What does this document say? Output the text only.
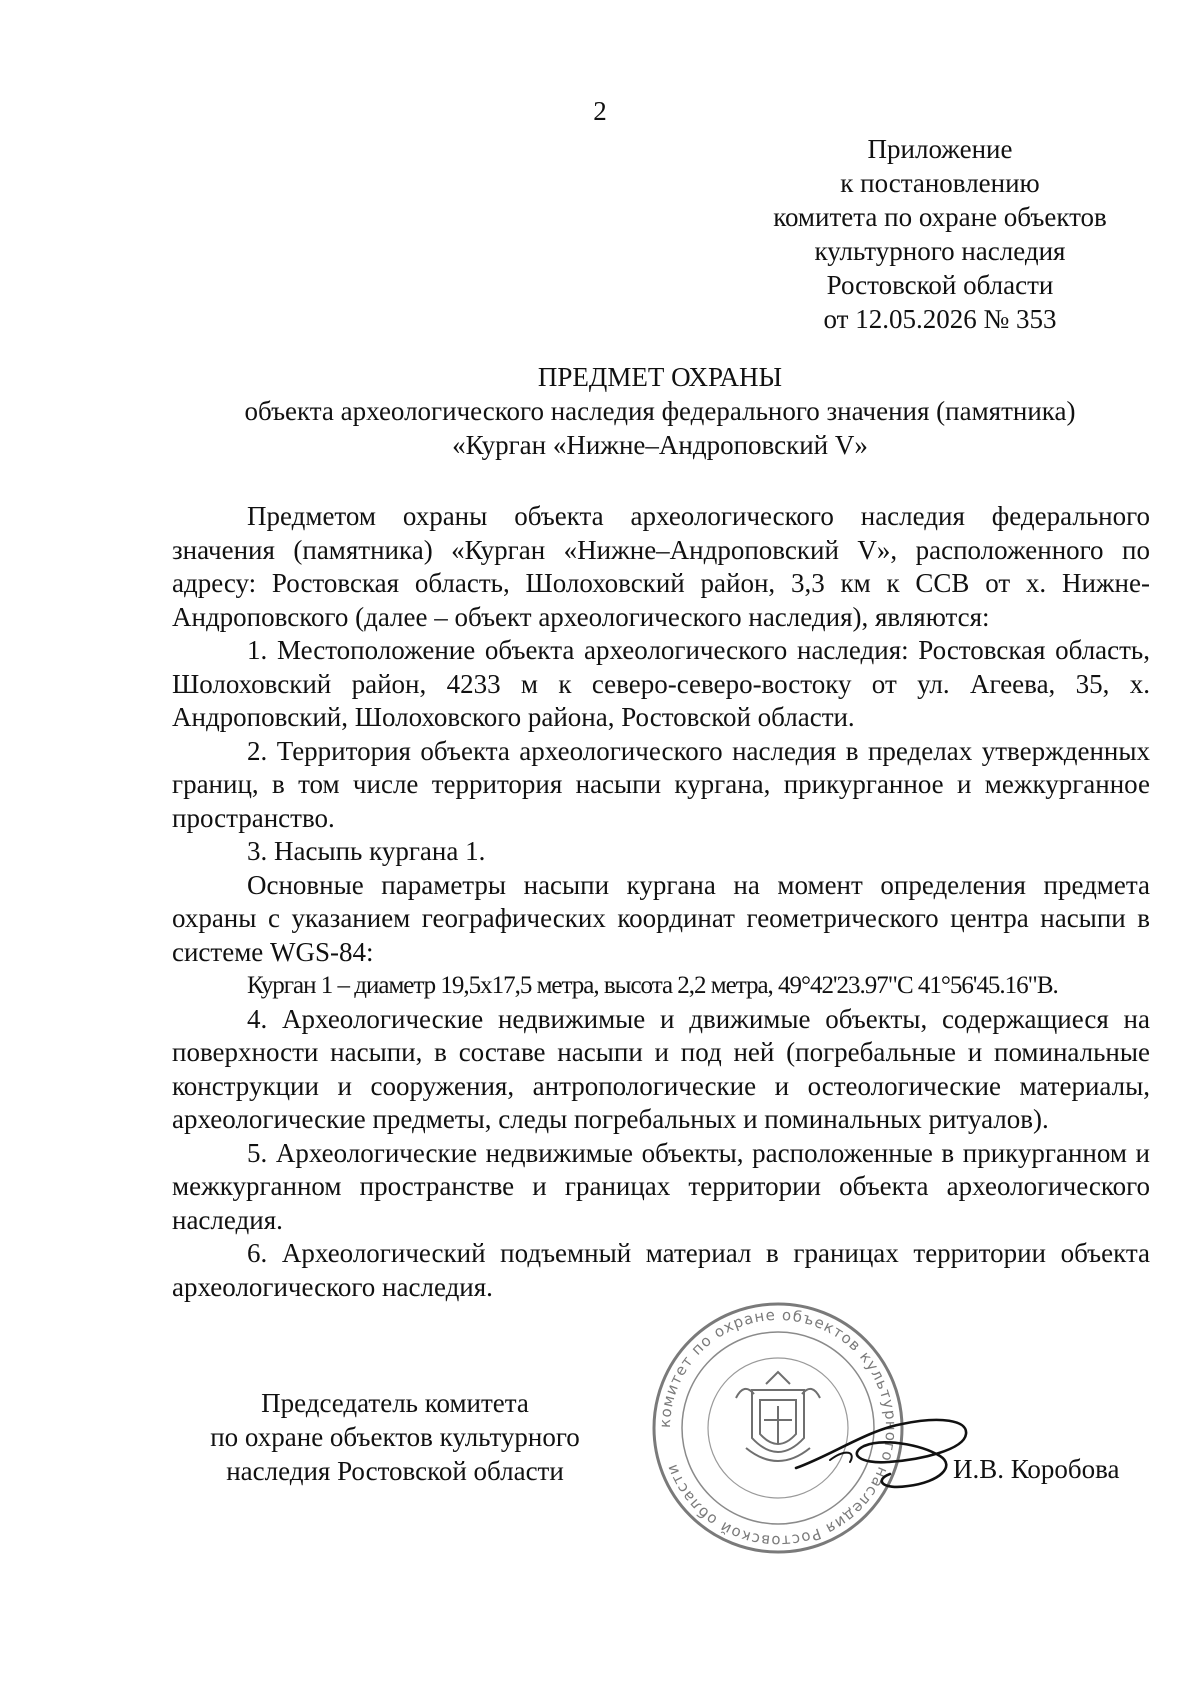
2
Приложение
к постановлению
комитета по охране объектов
культурного наследия
Ростовской области
от 12.05.2026 № 353
ПРЕДМЕТ ОХРАНЫ
объекта археологического наследия федерального значения (памятника)
«Курган «Нижне–Андроповский V»

Предметом охраны объекта археологического наследия федерального значения (памятника) «Курган «Нижне–Андроповский V», расположенного по адресу: Ростовская область, Шолоховский район, 3,3 км к ССВ от х. Нижне-Андроповского (далее – объект археологического наследия), являются:

1. Местоположение объекта археологического наследия: Ростовская область, Шолоховский район, 4233 м к северо-северо-востоку от ул. Агеева, 35, х. Андроповский, Шолоховского района, Ростовской области.

2. Территория объекта археологического наследия в пределах утвержденных границ, в том числе территория насыпи кургана, прикурганное и межкурганное пространство.

3. Насыпь кургана 1.

Основные параметры насыпи кургана на момент определения предмета охраны с указанием географических координат геометрического центра насыпи в системе WGS-84:

Курган 1 – диаметр 19,5х17,5 метра, высота 2,2 метра, 49°42'23.97"С 41°56'45.16"В.

4. Археологические недвижимые и движимые объекты, содержащиеся на поверхности насыпи, в составе насыпи и под ней (погребальные и поминальные конструкции и сооружения, антропологические и остеологические материалы, археологические предметы, следы погребальных и поминальных ритуалов).

5. Археологические недвижимые объекты, расположенные в прикурганном и межкурганном пространстве и границах территории объекта археологического наследия.

6. Археологический подъемный материал в границах территории объекта археологического наследия.

Председатель комитета
по охране объектов культурного
наследия Ростовской области
комитет по охране объектов культурного наследия Ростовской области	И.В. Коробова
